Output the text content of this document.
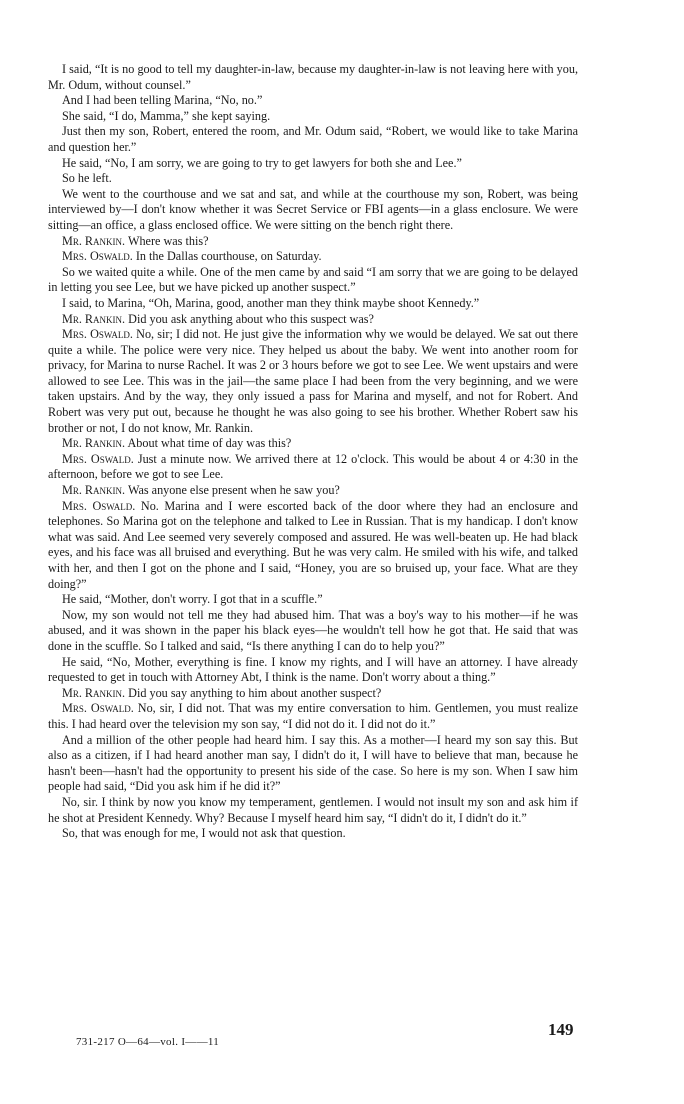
I said, “It is no good to tell my daughter-in-law, because my daughter-in-law is not leaving here with you, Mr. Odum, without counsel.”

And I had been telling Marina, “No, no.”

She said, “I do, Mamma,” she kept saying.

Just then my son, Robert, entered the room, and Mr. Odum said, “Robert, we would like to take Marina and question her.”

He said, “No, I am sorry, we are going to try to get lawyers for both she and Lee.”

So he left.

We went to the courthouse and we sat and sat, and while at the courthouse my son, Robert, was being interviewed by—I don't know whether it was Secret Service or FBI agents—in a glass enclosure. We were sitting—an office, a glass enclosed office. We were sitting on the bench right there.

Mr. Rankin. Where was this?

Mrs. Oswald. In the Dallas courthouse, on Saturday.

So we waited quite a while. One of the men came by and said “I am sorry that we are going to be delayed in letting you see Lee, but we have picked up another suspect.”

I said, to Marina, “Oh, Marina, good, another man they think maybe shoot Kennedy.”

Mr. Rankin. Did you ask anything about who this suspect was?

Mrs. Oswald. No, sir; I did not. He just give the information why we would be delayed. We sat out there quite a while. The police were very nice. They helped us about the baby. We went into another room for privacy, for Marina to nurse Rachel. It was 2 or 3 hours before we got to see Lee. We went upstairs and were allowed to see Lee. This was in the jail—the same place I had been from the very beginning, and we were taken upstairs. And by the way, they only issued a pass for Marina and myself, and not for Robert. And Robert was very put out, because he thought he was also going to see his brother. Whether Robert saw his brother or not, I do not know, Mr. Rankin.

Mr. Rankin. About what time of day was this?

Mrs. Oswald. Just a minute now. We arrived there at 12 o'clock. This would be about 4 or 4:30 in the afternoon, before we got to see Lee.

Mr. Rankin. Was anyone else present when he saw you?

Mrs. Oswald. No. Marina and I were escorted back of the door where they had an enclosure and telephones. So Marina got on the telephone and talked to Lee in Russian. That is my handicap. I don't know what was said. And Lee seemed very severely composed and assured. He was well-beaten up. He had black eyes, and his face was all bruised and everything. But he was very calm. He smiled with his wife, and talked with her, and then I got on the phone and I said, “Honey, you are so bruised up, your face. What are they doing?”

He said, “Mother, don't worry. I got that in a scuffle.”

Now, my son would not tell me they had abused him. That was a boy's way to his mother—if he was abused, and it was shown in the paper his black eyes—he wouldn't tell how he got that. He said that was done in the scuffle. So I talked and said, “Is there anything I can do to help you?”

He said, “No, Mother, everything is fine. I know my rights, and I will have an attorney. I have already requested to get in touch with Attorney Abt, I think is the name. Don't worry about a thing.”

Mr. Rankin. Did you say anything to him about another suspect?

Mrs. Oswald. No, sir, I did not. That was my entire conversation to him. Gentlemen, you must realize this. I had heard over the television my son say, “I did not do it. I did not do it.”

And a million of the other people had heard him. I say this. As a mother—I heard my son say this. But also as a citizen, if I had heard another man say, I didn't do it, I will have to believe that man, because he hasn't been—hasn't had the opportunity to present his side of the case. So here is my son. When I saw him people had said, “Did you ask him if he did it?”

No, sir. I think by now you know my temperament, gentlemen. I would not insult my son and ask him if he shot at President Kennedy. Why? Because I myself heard him say, “I didn't do it, I didn't do it.”

So, that was enough for me, I would not ask that question.

731-217 O—64—vol. I——11
149
